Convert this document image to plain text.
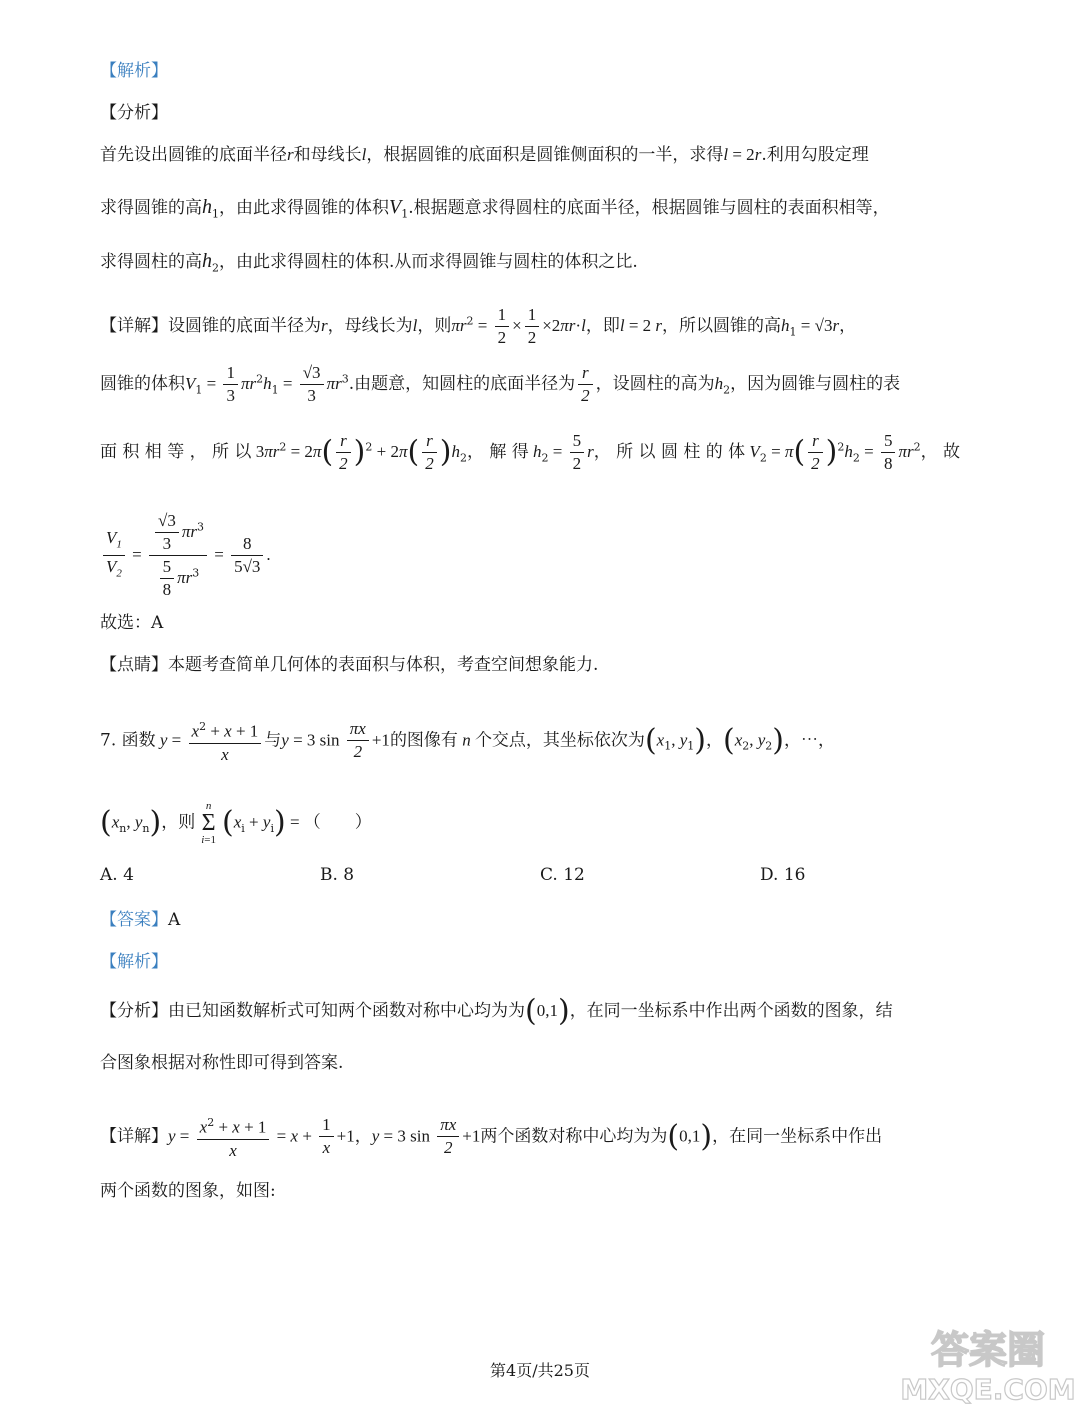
【解析】
【分析】
首先设出圆锥的底面半径r和母线长l，根据圆锥的底面积是圆锥侧面积的一半，求得l = 2r.利用勾股定理
求得圆锥的高$h_1$，由此求得圆锥的体积$V_1$.根据题意求得圆柱的底面半径，根据圆锥与圆柱的表面积相等，
求得圆柱的高$h_2$，由此求得圆柱的体积.从而求得圆锥与圆柱的体积之比.
【详解】设圆锥的底面半径为r，母线长为l，则$\pi r^2 = \frac{1}{2} \times \frac{1}{2} \times 2\pi r\cdot l$，即l = 2 r，所以圆锥的高$h_1 = √3r$，
圆锥的体积$V_1 = \frac{1}{3} \pi r^2h_1 = \frac{√3}{3} \pi r^3$.由题意，知圆柱的底面半径为 $\frac{r}{2}$ ，设圆柱的高为$h_2$，因为圆锥与圆柱的表
面 积 相 等 ， 所 以 $3\pi r^2 = 2\pi( \frac{r}{2} )^2 + 2\pi( \frac{r}{2} )h_2$， 解 得 $h_2 = \frac{5}{2}$ r， 所 以 圆 柱 的 体 $V_2 = \pi( \frac{r}{2} )^2h_2 = \frac{5}{8} \pi r^2$， 故
$\frac{V_1}{V_2} = \frac{\frac{√3}{3} \pi r^3}{\frac{5}{8} \pi r^3} = \frac{8}{5√3}$ .
故选：A
【点睛】本题考查简单几何体的表面积与体积，考查空间想象能力.
7. 函数 $y = \frac{x^2 + x + 1}{x}$ 与y = 3 $\sin \frac{\pi x}{2} +1$的图像有 n 个交点，其坐标依次为($x_1$, $y_1$)，($x_2$, $y_2$)，⋯，
($x_n$, $y_n$)，则
n
Σ
i=1 $(x_i + y_i)$ = （　　）
A. 4	B. 8	C. 12	D. 16
【答案】A
【解析】
【分析】由已知函数解析式可知两个函数对称中心均为为(0,1)，在同一坐标系中作出两个函数的图象，结
合图象根据对称性即可得到答案.
【详解】$y = \frac{x^2 + x + 1}{x} = x + \frac{1}{x} +1$，y = 3 $\sin \frac{\pi x}{2} +1$两个函数对称中心均为为(0,1)，在同一坐标系中作出
两个函数的图象，如图:
第4页/共25页	答案圈
MXQE.COM
